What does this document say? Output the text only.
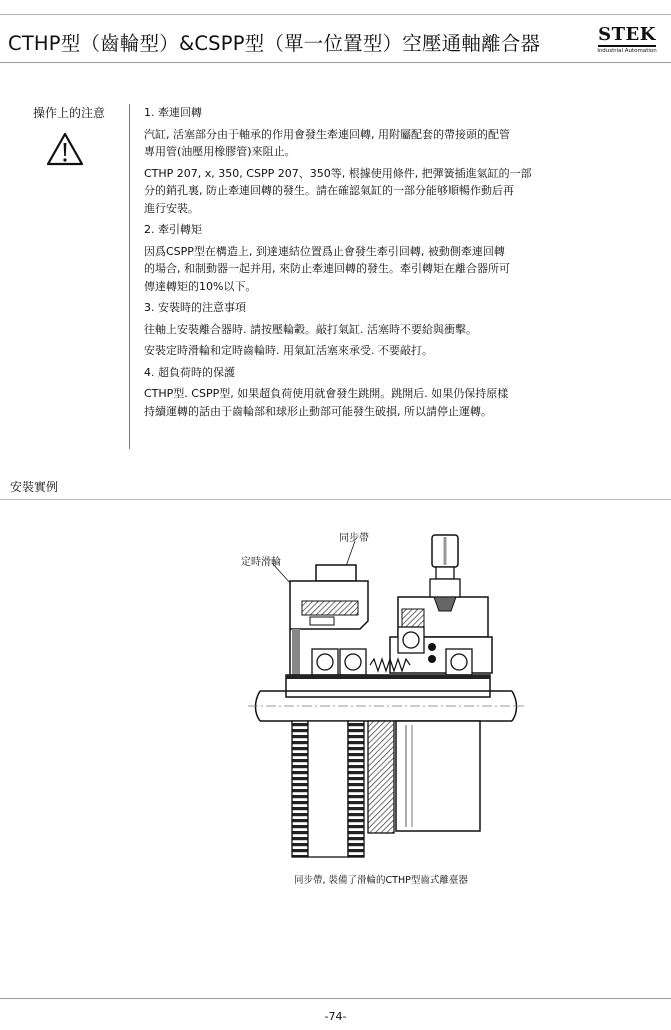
CTHP型（齒輪型）&CSPP型（單一位置型）空壓通軸離合器	STEK
Industrial Automation
操作上的注意	1. 牽連回轉

汽缸, 活塞部分由于軸承的作用會發生牽連回轉, 用附屬配套的帶接頭的配管
專用管(油壓用橡膠管)來阻止。

CTHP 207, x, 350, CSPP 207、350等, 根據使用條件, 把彈簧插進氣缸的一部
分的銷孔裏, 防止牽連回轉的發生。請在確認氣缸的一部分能够順暢作動后再
進行安裝。

2. 牽引轉矩

因爲CSPP型在構造上, 到達連結位置爲止會發生牽引回轉, 被動側牽連回轉
的場合, 和制動器一起并用, 來防止牽連回轉的發生。牽引轉矩在離合器所可
傳達轉矩的10%以下。

3. 安裝時的注意事項

往軸上安裝離合器時. 請按壓輪轂。敲打氣缸. 活塞時不要給與衝擊。

安裝定時滑輪和定時齒輪時. 用氣缸活塞來承受. 不要敲打。

4. 超負荷時的保護

CTHP型. CSPP型, 如果超負荷使用就會發生跳開。跳開后. 如果仍保持原樣
持續運轉的話由于齒輪部和球形止動部可能發生破損, 所以請停止運轉。

安裝實例
同步帶
定時滑輪
同步帶, 裝備了滑輪的CTHP型齒式離臺器
-74-
